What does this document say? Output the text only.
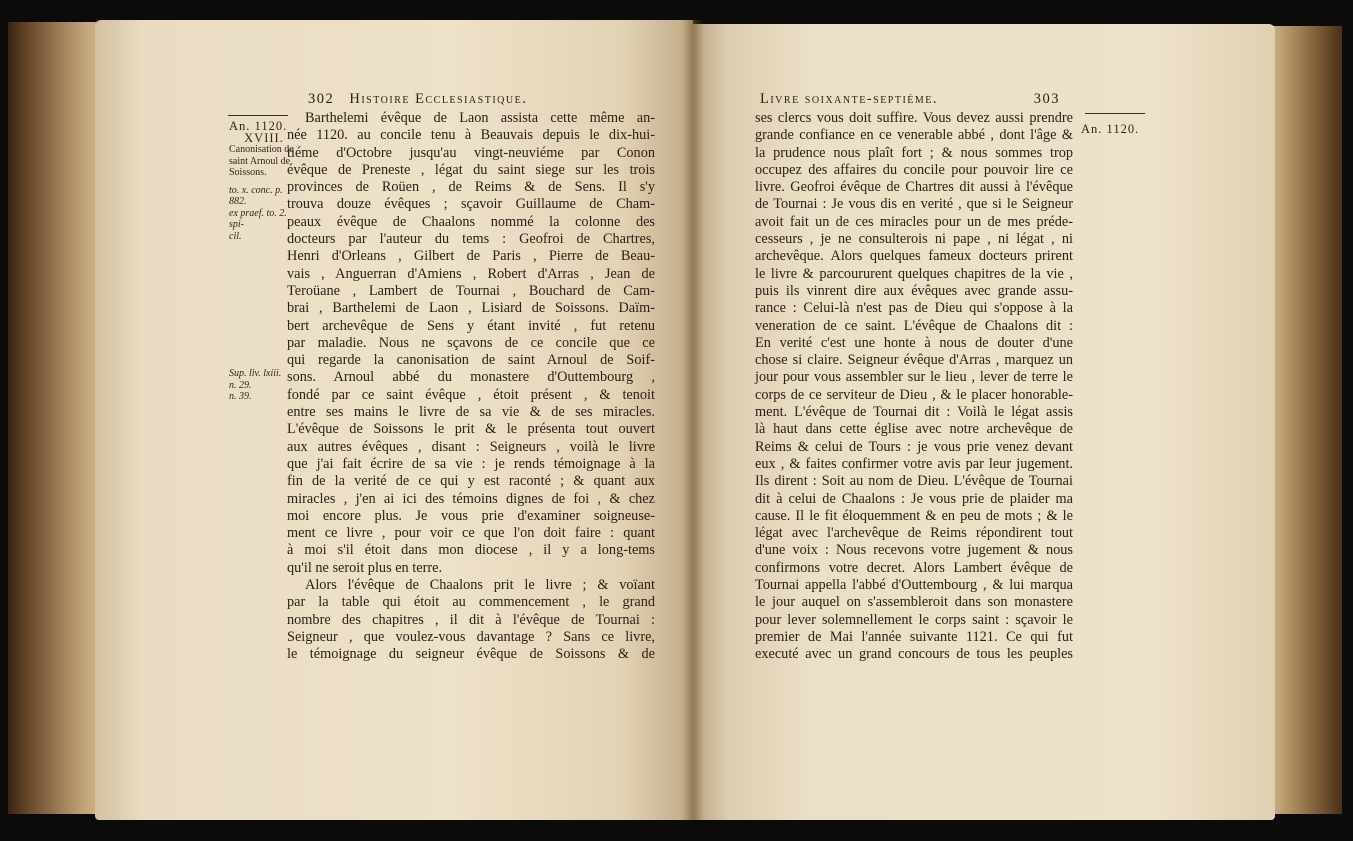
302 Histoire Ecclesiastique.
An. 1120.
XVIII.
Canonisation de
saint Arnoul de
Soissons.
to. x. conc. p. 882.
ex praef. to. 2. spi-
cil.
Sup. liv. lxiii.
n. 29.
n. 39.
Barthelemi évêque de Laon assista cette même an-
née 1120. au concile tenu à Beauvais depuis le dix-hui-
tiéme d'Octobre jusqu'au vingt-neuviéme par Conon
évêque de Preneste , légat du saint siege sur les trois
provinces de Roüen , de Reims & de Sens. Il s'y
trouva douze évêques ; sçavoir Guillaume de Cham-
peaux évêque de Chaalons nommé la colonne des
docteurs par l'auteur du tems : Geofroi de Chartres,
Henri d'Orleans , Gilbert de Paris , Pierre de Beau-
vais , Anguerran d'Amiens , Robert d'Arras , Jean de
Teroüane , Lambert de Tournai , Bouchard de Cam-
brai , Barthelemi de Laon , Lisiard de Soissons. Daïm-
bert archevêque de Sens y étant invité , fut retenu
par maladie. Nous ne sçavons de ce concile que ce
qui regarde la canonisation de saint Arnoul de Soif-
sons. Arnoul abbé du monastere d'Outtembourg ,
fondé par ce saint évêque , étoit présent , & tenoit
entre ses mains le livre de sa vie & de ses miracles.
L'évêque de Soissons le prit & le présenta tout ouvert
aux autres évêques , disant : Seigneurs , voilà le livre
que j'ai fait écrire de sa vie : je rends témoignage à la
fin de la verité de ce qui y est raconté ; & quant aux
miracles , j'en ai ici des témoins dignes de foi , & chez
moi encore plus. Je vous prie d'examiner soigneuse-
ment ce livre , pour voir ce que l'on doit faire : quant
à moi s'il étoit dans mon diocese , il y a long-tems
qu'il ne seroit plus en terre.
Alors l'évêque de Chaalons prit le livre ; & voïant
par la table qui étoit au commencement , le grand
nombre des chapitres , il dit à l'évêque de Tournai :
Seigneur , que voulez-vous davantage ? Sans ce livre,
le témoignage du seigneur évêque de Soissons & de
Livre soixante-septiéme.	303
An. 1120.
ses clercs vous doit suffire. Vous devez aussi prendre
grande confiance en ce venerable abbé , dont l'âge &
la prudence nous plaît fort ; & nous sommes trop
occupez des affaires du concile pour pouvoir lire ce
livre. Geofroi évêque de Chartres dit aussi à l'évêque
de Tournai : Je vous dis en verité , que si le Seigneur
avoit fait un de ces miracles pour un de mes préde-
cesseurs , je ne consulterois ni pape , ni légat , ni
archevêque. Alors quelques fameux docteurs prirent
le livre & parcoururent quelques chapitres de la vie ,
puis ils vinrent dire aux évêques avec grande assu-
rance : Celui-là n'est pas de Dieu qui s'oppose à la
veneration de ce saint. L'évêque de Chaalons dit :
En verité c'est une honte à nous de douter d'une
chose si claire. Seigneur évêque d'Arras , marquez un
jour pour vous assembler sur le lieu , lever de terre le
corps de ce serviteur de Dieu , & le placer honorable-
ment. L'évêque de Tournai dit : Voilà le légat assis
là haut dans cette église avec notre archevêque de
Reims & celui de Tours : je vous prie venez devant
eux , & faites confirmer votre avis par leur jugement.
Ils dirent : Soit au nom de Dieu. L'évêque de Tournai
dit à celui de Chaalons : Je vous prie de plaider ma
cause. Il le fit éloquemment & en peu de mots ; & le
légat avec l'archevêque de Reims répondirent tout
d'une voix : Nous recevons votre jugement & nous
confirmons votre decret. Alors Lambert évêque de
Tournai appella l'abbé d'Outtembourg , & lui marqua
le jour auquel on s'assembleroit dans son monastere
pour lever solemnellement le corps saint : sçavoir le
premier de Mai l'année suivante 1121. Ce qui fut
executé avec un grand concours de tous les peuples
